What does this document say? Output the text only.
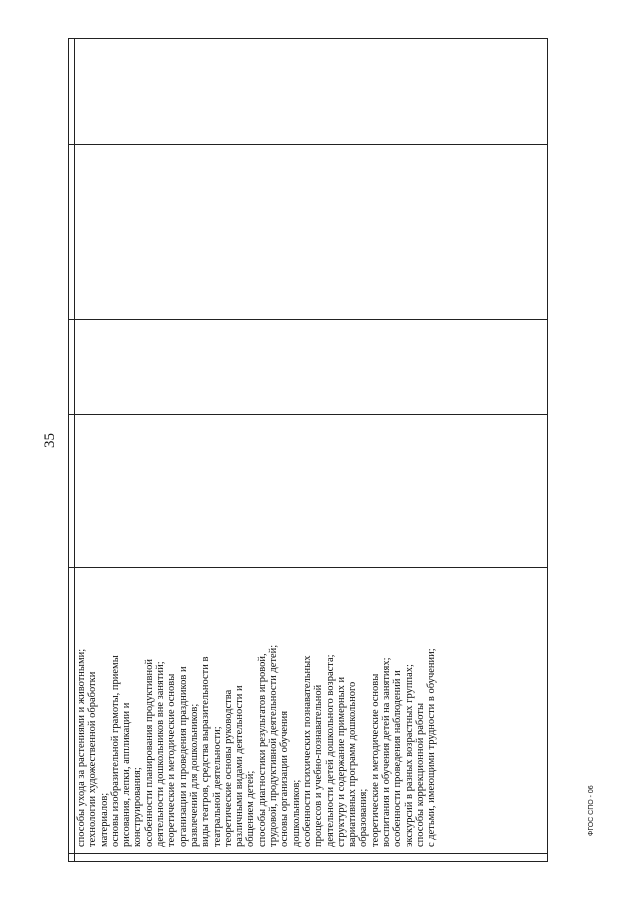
35
способы ухода за растениями и животными; технологии художественной обработки материалов; основы изобразительной грамоты, приемы рисования, лепки, аппликации и конструирования; особенности планирования продуктивной деятельности дошкольников вне занятий; теоретические и методические основы организации и проведения праздников и развлечений для дошкольников; виды театров, средства выразительности в театральной деятельности; теоретические основы руководства различными видами деятельности и общением детей; способы диагностики результатов игровой, трудовой, продуктивной деятельности детей; основы организации обучения дошкольников; особенности психических познавательных процессов и учебно-познавательной деятельности детей дошкольного возраста; структуру и содержание примерных и вариативных программ дошкольного образования; теоретические и методические основы воспитания и обучения детей на занятиях; особенности проведения наблюдений и экскурсий в разных возрастных группах; способы коррекционной работы с детьми, имеющими трудности в обучении;	ФГОС СПО - 06
